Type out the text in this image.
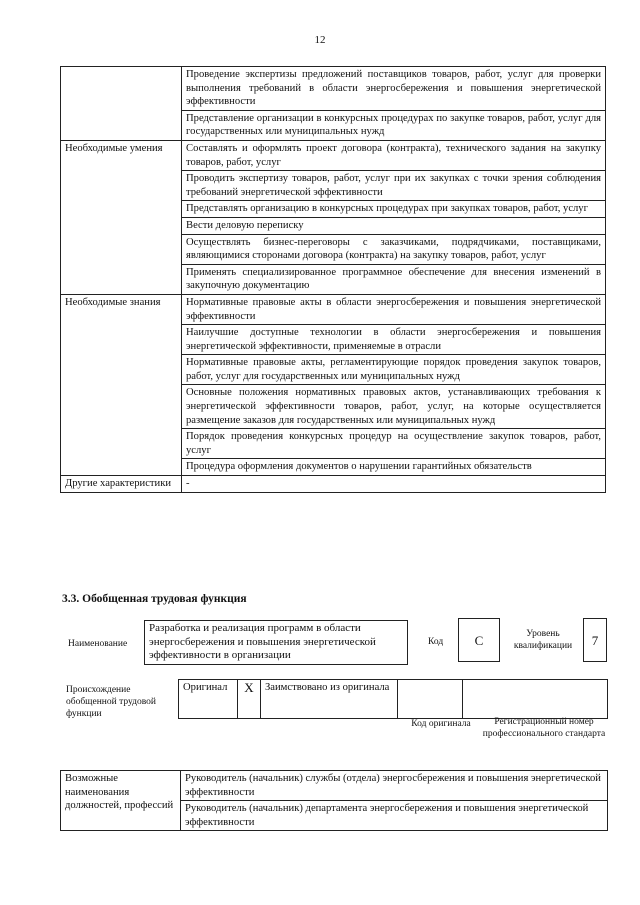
12
	Проведение экспертизы предложений поставщиков товаров, работ, услуг для проверки выполнения требований в области энергосбережения и повышения энергетической эффективности
	Представление организации в конкурсных процедурах по закупке товаров, работ, услуг для государственных или муниципальных нужд
Необходимые умения	Составлять и оформлять проект договора (контракта), технического задания на закупку товаров, работ, услуг
	Проводить экспертизу товаров, работ, услуг при их закупках с точки зрения соблюдения требований энергетической эффективности
	Представлять организацию в конкурсных процедурах при закупках товаров, работ, услуг
	Вести деловую переписку
	Осуществлять бизнес-переговоры с заказчиками, подрядчиками, поставщиками, являющимися сторонами договора (контракта) на закупку товаров, работ, услуг
	Применять специализированное программное обеспечение для внесения изменений в закупочную документацию
Необходимые знания	Нормативные правовые акты в области энергосбережения и повышения энергетической эффективности
	Наилучшие доступные технологии в области энергосбережения и повышения энергетической эффективности, применяемые в отрасли
	Нормативные правовые акты, регламентирующие порядок проведения закупок товаров, работ, услуг для государственных или муниципальных нужд
	Основные положения нормативных правовых актов, устанавливающих требования к энергетической эффективности товаров, работ, услуг, на которые осуществляется размещение заказов для государственных или муниципальных нужд
	Порядок проведения конкурсных процедур на осуществление закупок товаров, работ, услуг
	Процедура оформления документов о нарушении гарантийных обязательств
Другие характеристики	-
3.3. Обобщенная трудовая функция
Наименование
Разработка и реализация программ в области энергосбережения и повышения энергетической эффективности в организации
Код	C	Уровень квалификации	7
Происхождение обобщенной трудовой функции
Оригинал	X	Заимствовано из оригинала		
Код оригинала	Регистрационный номер профессионального стандарта
Возможные наименования должностей, профессий	Руководитель (начальник) службы (отдела) энергосбережения и повышения энергетической эффективности
Руководитель (начальник) департамента энергосбережения и повышения энергетической эффективности
